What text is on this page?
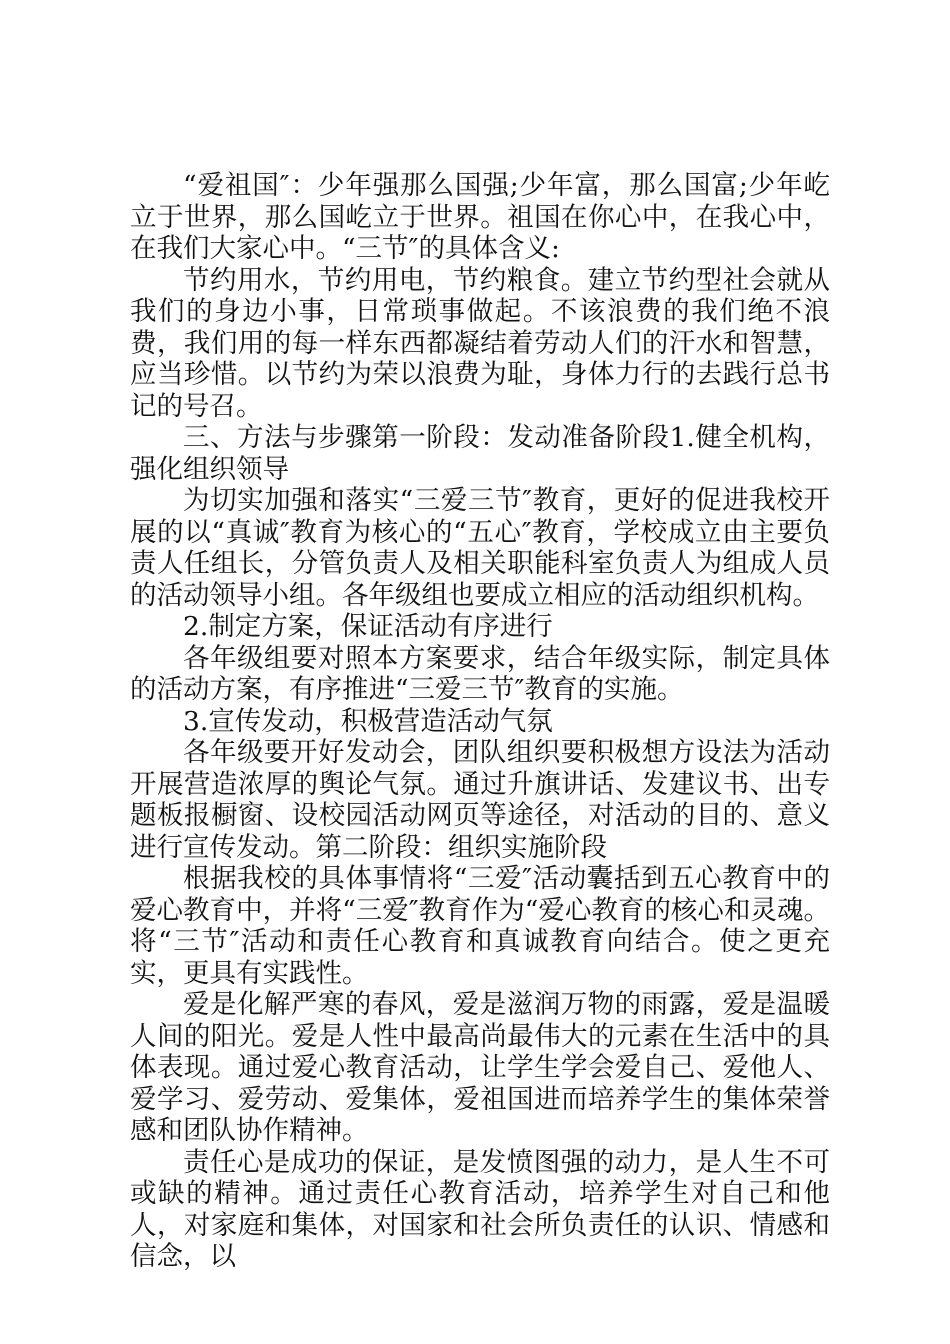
“爱祖国″：少年强那么国强;少年富，那么国富;少年屹立于世界，那么国屹立于世界。祖国在你心中，在我心中，在我们大家心中。“三节″的具体含义:

节约用水，节约用电，节约粮食。建立节约型社会就从我们的身边小事，日常琐事做起。不该浪费的我们绝不浪费，我们用的每一样东西都凝结着劳动人们的汗水和智慧，应当珍惜。以节约为荣以浪费为耻，身体力行的去践行总书记的号召。

三、方法与步骤第一阶段：发动准备阶段1.健全机构，强化组织领导

为切实加强和落实“三爱三节″教育，更好的促进我校开展的以“真诚″教育为核心的“五心″教育，学校成立由主要负责人任组长，分管负责人及相关职能科室负责人为组成人员的活动领导小组。各年级组也要成立相应的活动组织机构。

2.制定方案，保证活动有序进行

各年级组要对照本方案要求，结合年级实际，制定具体的活动方案，有序推进“三爱三节″教育的实施。

3.宣传发动，积极营造活动气氛

各年级要开好发动会，团队组织要积极想方设法为活动开展营造浓厚的舆论气氛。通过升旗讲话、发建议书、出专题板报橱窗、设校园活动网页等途径，对活动的目的、意义进行宣传发动。第二阶段：组织实施阶段

根据我校的具体事情将“三爱″活动囊括到五心教育中的爱心教育中，并将“三爱″教育作为“爱心教育的核心和灵魂。将“三节″活动和责任心教育和真诚教育向结合。使之更充实，更具有实践性。

爱是化解严寒的春风，爱是滋润万物的雨露，爱是温暖人间的阳光。爱是人性中最高尚最伟大的元素在生活中的具体表现。通过爱心教育活动，让学生学会爱自己、爱他人、爱学习、爱劳动、爱集体，爱祖国进而培养学生的集体荣誉感和团队协作精神。

责任心是成功的保证，是发愤图强的动力，是人生不可或缺的精神。通过责任心教育活动，培养学生对自己和他人，对家庭和集体，对国家和社会所负责任的认识、情感和信念，以
